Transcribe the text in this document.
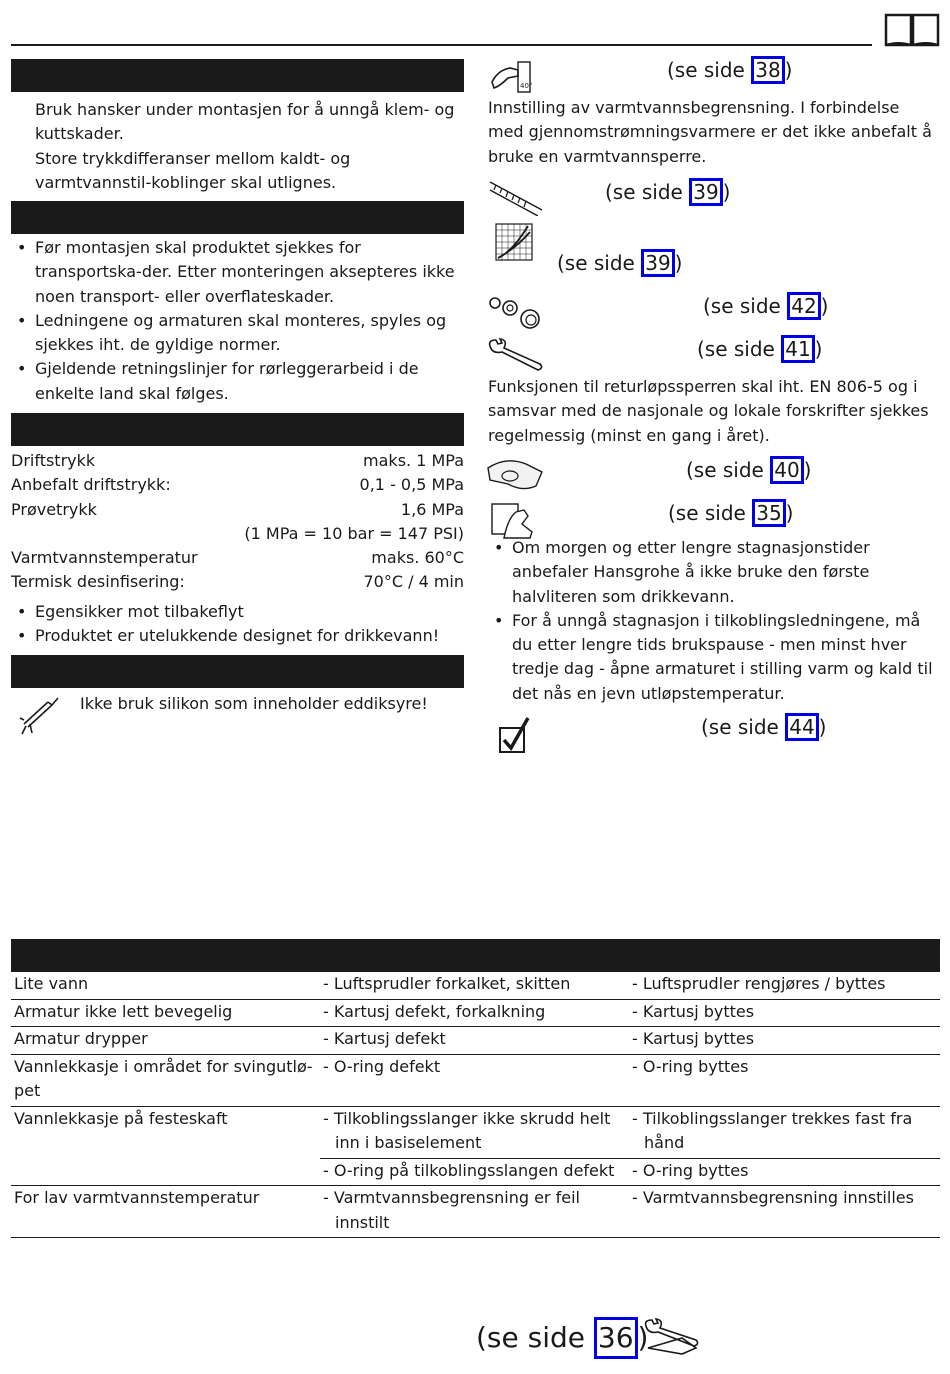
Bruk hansker under montasjen for å unngå klem- og kuttskader.

Store trykkdifferanser mellom kaldt- og varmtvannstil-koblinger skal utlignes.

• Før montasjen skal produktet sjekkes for transportska-der. Etter monteringen aksepteres ikke noen transport- eller overflateskader.
• Ledningene og armaturen skal monteres, spyles og sjekkes iht. de gyldige normer.
• Gjeldende retningslinjer for rørleggerarbeid i de enkelte land skal følges.
Driftstrykk	maks. 1 MPa
Anbefalt driftstrykk:	0,1 - 0,5 MPa
Prøvetrykk	1,6 MPa
(1 MPa = 10 bar = 147 PSI)
Varmtvannstemperatur	maks. 60°C
Termisk desinfisering:	70°C / 4 min
• Egensikker mot tilbakeflyt
• Produktet er utelukkende designet for drikkevann!
Ikke bruk silikon som inneholder eddiksyre!
40°
(se side 38 )

Innstilling av varmtvannsbegrensning. I forbindelse med gjennomstrømningsvarmere er det ikke anbefalt å bruke en varmtvannsperre.

(se side 39 )
(se side 39 )
(se side 42 )
(se side 41 )

Funksjonen til returløpssperren skal iht. EN 806-5 og i samsvar med de nasjonale og lokale forskrifter sjekkes regelmessig (minst en gang i året).

(se side 40 )
(se side 35 )
• Om morgen og etter lengre stagnasjonstider anbefaler Hansgrohe å ikke bruke den første halvliteren som drikkevann.
• For å unngå stagnasjon i tilkoblingsledningene, må du etter lengre tids brukspause - men minst hver tredje dag - åpne armaturet i stilling varm og kald til det nås en jevn utløpstemperatur.
(se side 44 )
Lite vann	- Luftsprudler forkalket, skitten	- Luftsprudler rengjøres / byttes

Armatur ikke lett bevegelig	- Kartusj defekt, forkalkning	- Kartusj byttes

Armatur drypper	- Kartusj defekt	- Kartusj byttes

Vannlekkasje i området for svingutlø-pet	- O-ring defekt	- O-ring byttes

Vannlekkasje på festeskaft	- Tilkoblingsslanger ikke skrudd helt inn i basiselement	- Tilkoblingsslanger trekkes fast fra hånd

	- O-ring på tilkoblingsslangen defekt	- O-ring byttes

For lav varmtvannstemperatur	- Varmtvannsbegrensning er feil innstilt	- Varmtvannsbegrensning innstilles
(se side 36 )
